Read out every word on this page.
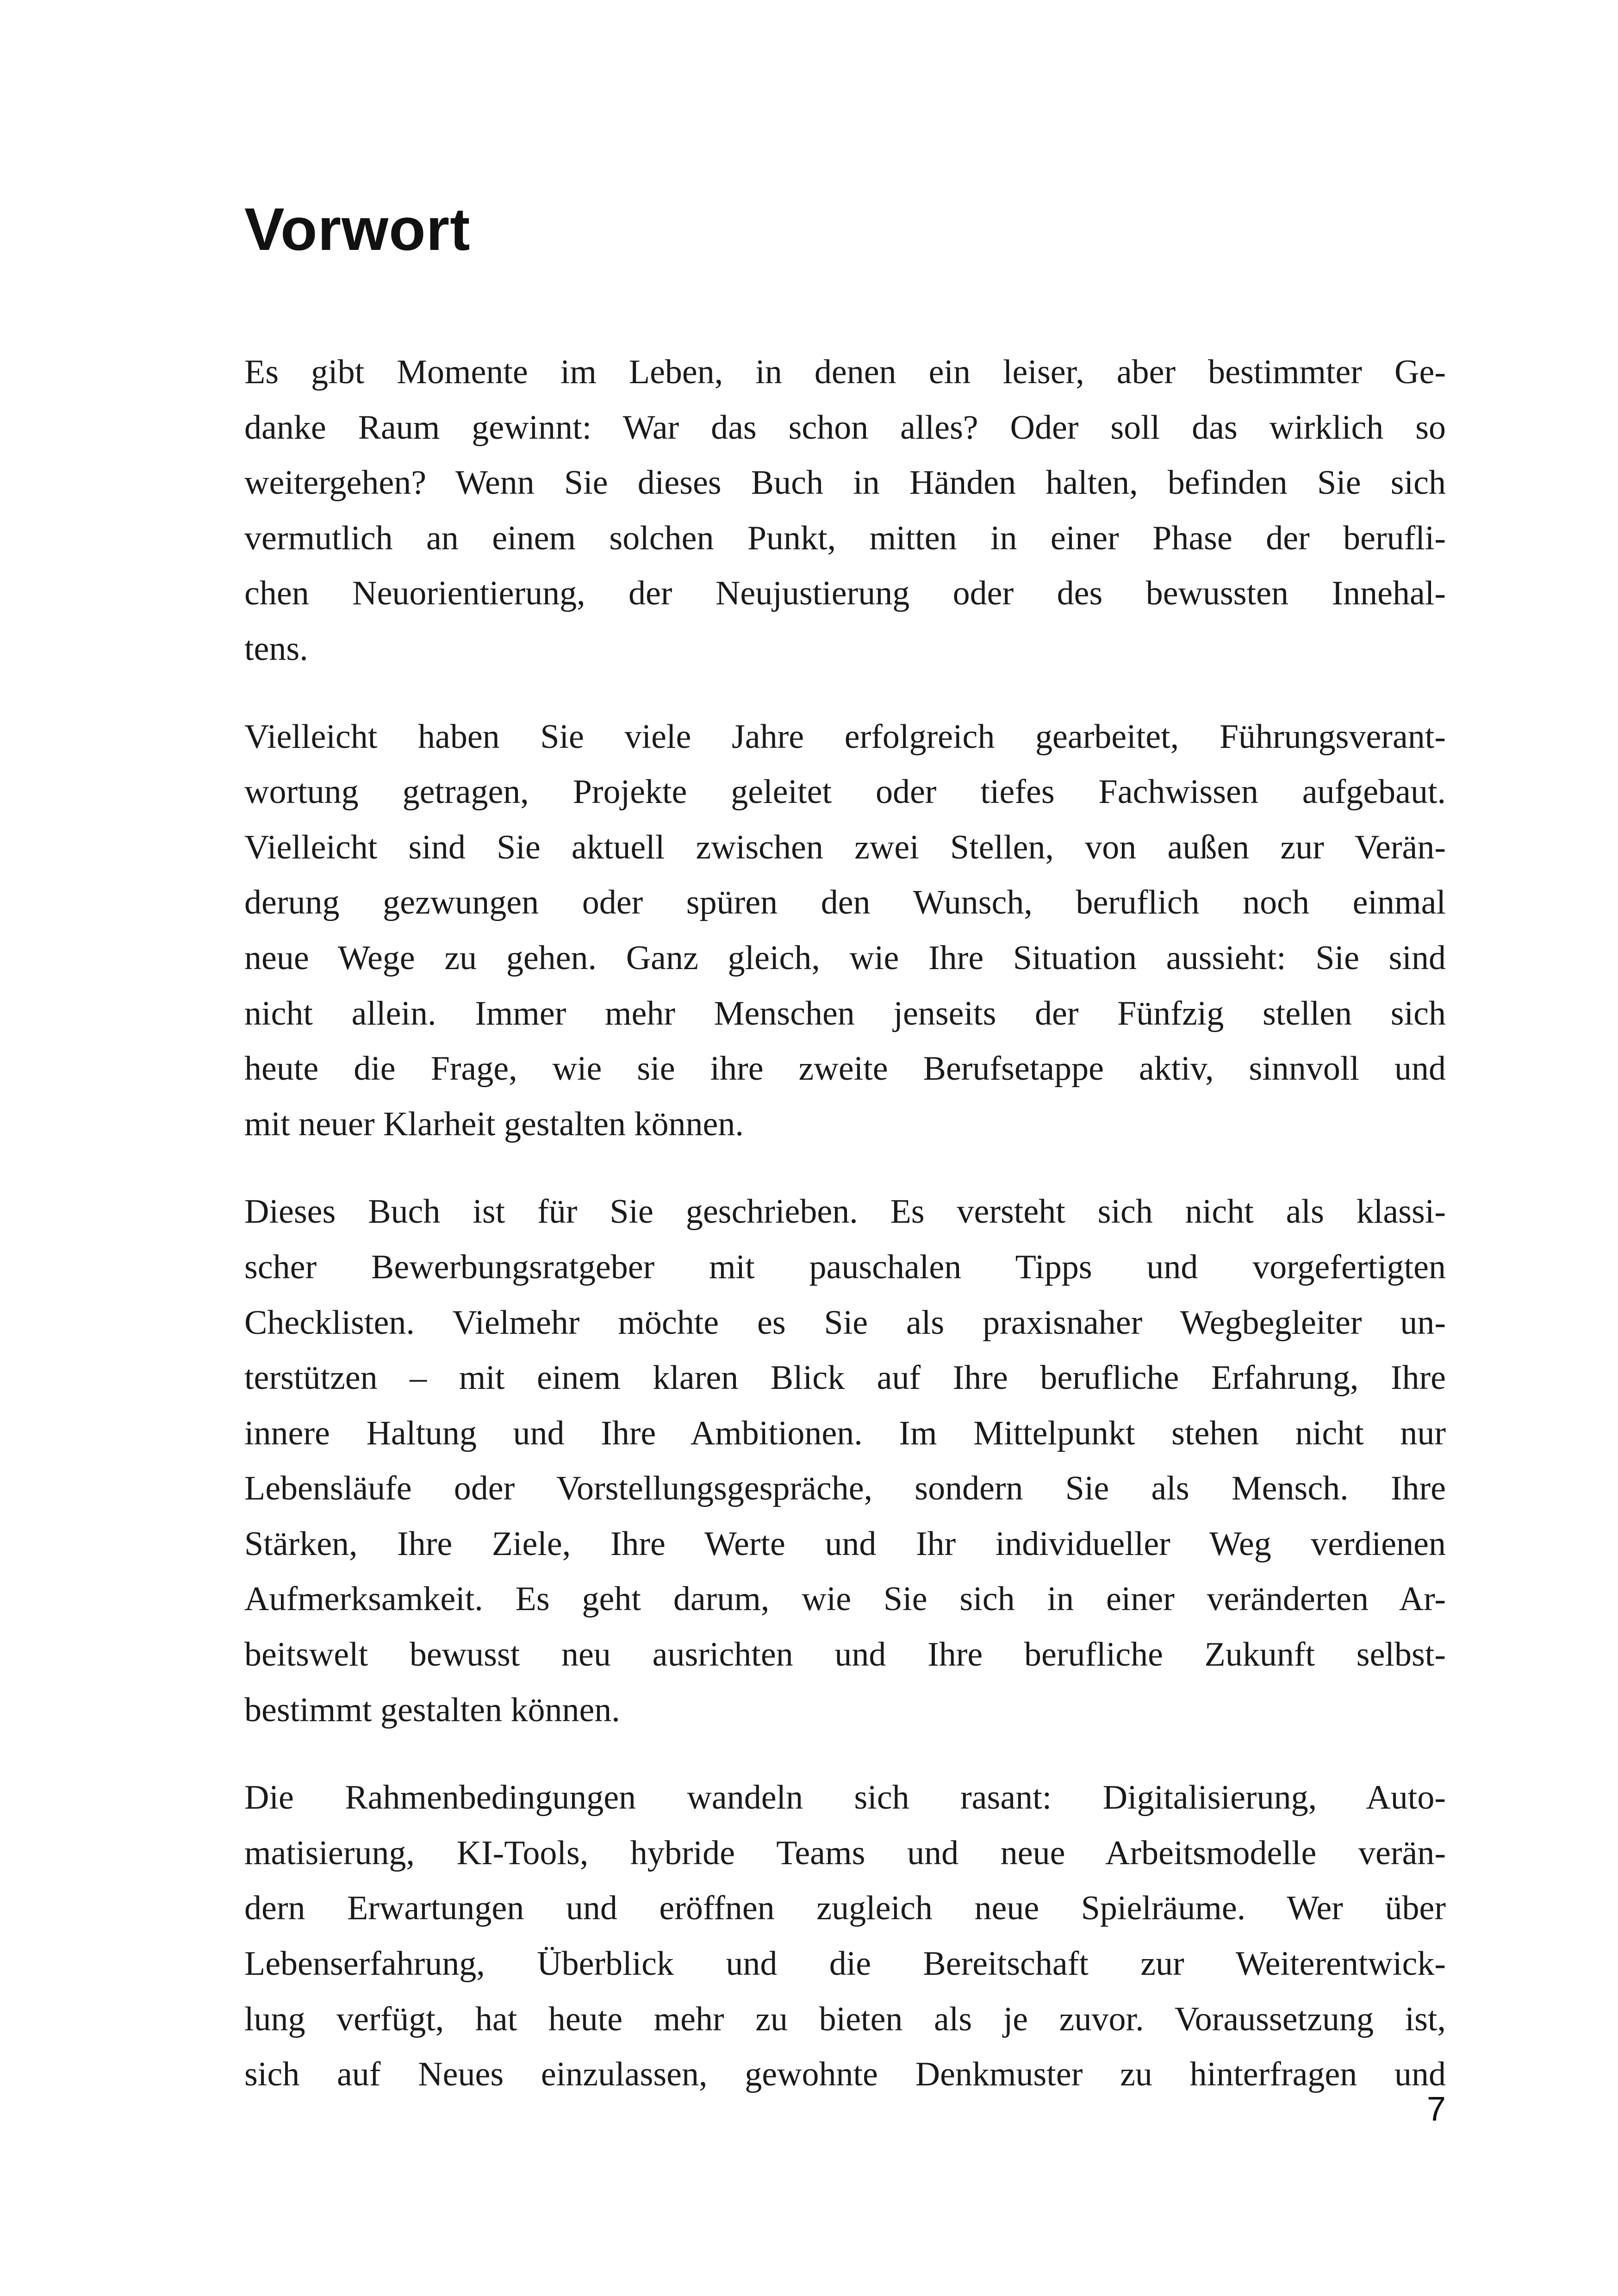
Vorwort

Es gibt Momente im Leben, in denen ein leiser, aber bestimmter Ge-
danke Raum gewinnt: War das schon alles? Oder soll das wirklich so
weitergehen? Wenn Sie dieses Buch in Händen halten, befinden Sie sich
vermutlich an einem solchen Punkt, mitten in einer Phase der berufli-
chen Neuorientierung, der Neujustierung oder des bewussten Innehal-
tens.

Vielleicht haben Sie viele Jahre erfolgreich gearbeitet, Führungsverant-
wortung getragen, Projekte geleitet oder tiefes Fachwissen aufgebaut.
Vielleicht sind Sie aktuell zwischen zwei Stellen, von außen zur Verän-
derung gezwungen oder spüren den Wunsch, beruflich noch einmal
neue Wege zu gehen. Ganz gleich, wie Ihre Situation aussieht: Sie sind
nicht allein. Immer mehr Menschen jenseits der Fünfzig stellen sich
heute die Frage, wie sie ihre zweite Berufsetappe aktiv, sinnvoll und
mit neuer Klarheit gestalten können.

Dieses Buch ist für Sie geschrieben. Es versteht sich nicht als klassi-
scher Bewerbungsratgeber mit pauschalen Tipps und vorgefertigten
Checklisten. Vielmehr möchte es Sie als praxisnaher Wegbegleiter un-
terstützen – mit einem klaren Blick auf Ihre berufliche Erfahrung, Ihre
innere Haltung und Ihre Ambitionen. Im Mittelpunkt stehen nicht nur
Lebensläufe oder Vorstellungsgespräche, sondern Sie als Mensch. Ihre
Stärken, Ihre Ziele, Ihre Werte und Ihr individueller Weg verdienen
Aufmerksamkeit. Es geht darum, wie Sie sich in einer veränderten Ar-
beitswelt bewusst neu ausrichten und Ihre berufliche Zukunft selbst-
bestimmt gestalten können.

Die Rahmenbedingungen wandeln sich rasant: Digitalisierung, Auto-
matisierung, KI-Tools, hybride Teams und neue Arbeitsmodelle verän-
dern Erwartungen und eröffnen zugleich neue Spielräume. Wer über
Lebenserfahrung, Überblick und die Bereitschaft zur Weiterentwick-
lung verfügt, hat heute mehr zu bieten als je zuvor. Voraussetzung ist,
sich auf Neues einzulassen, gewohnte Denkmuster zu hinterfragen und

7
